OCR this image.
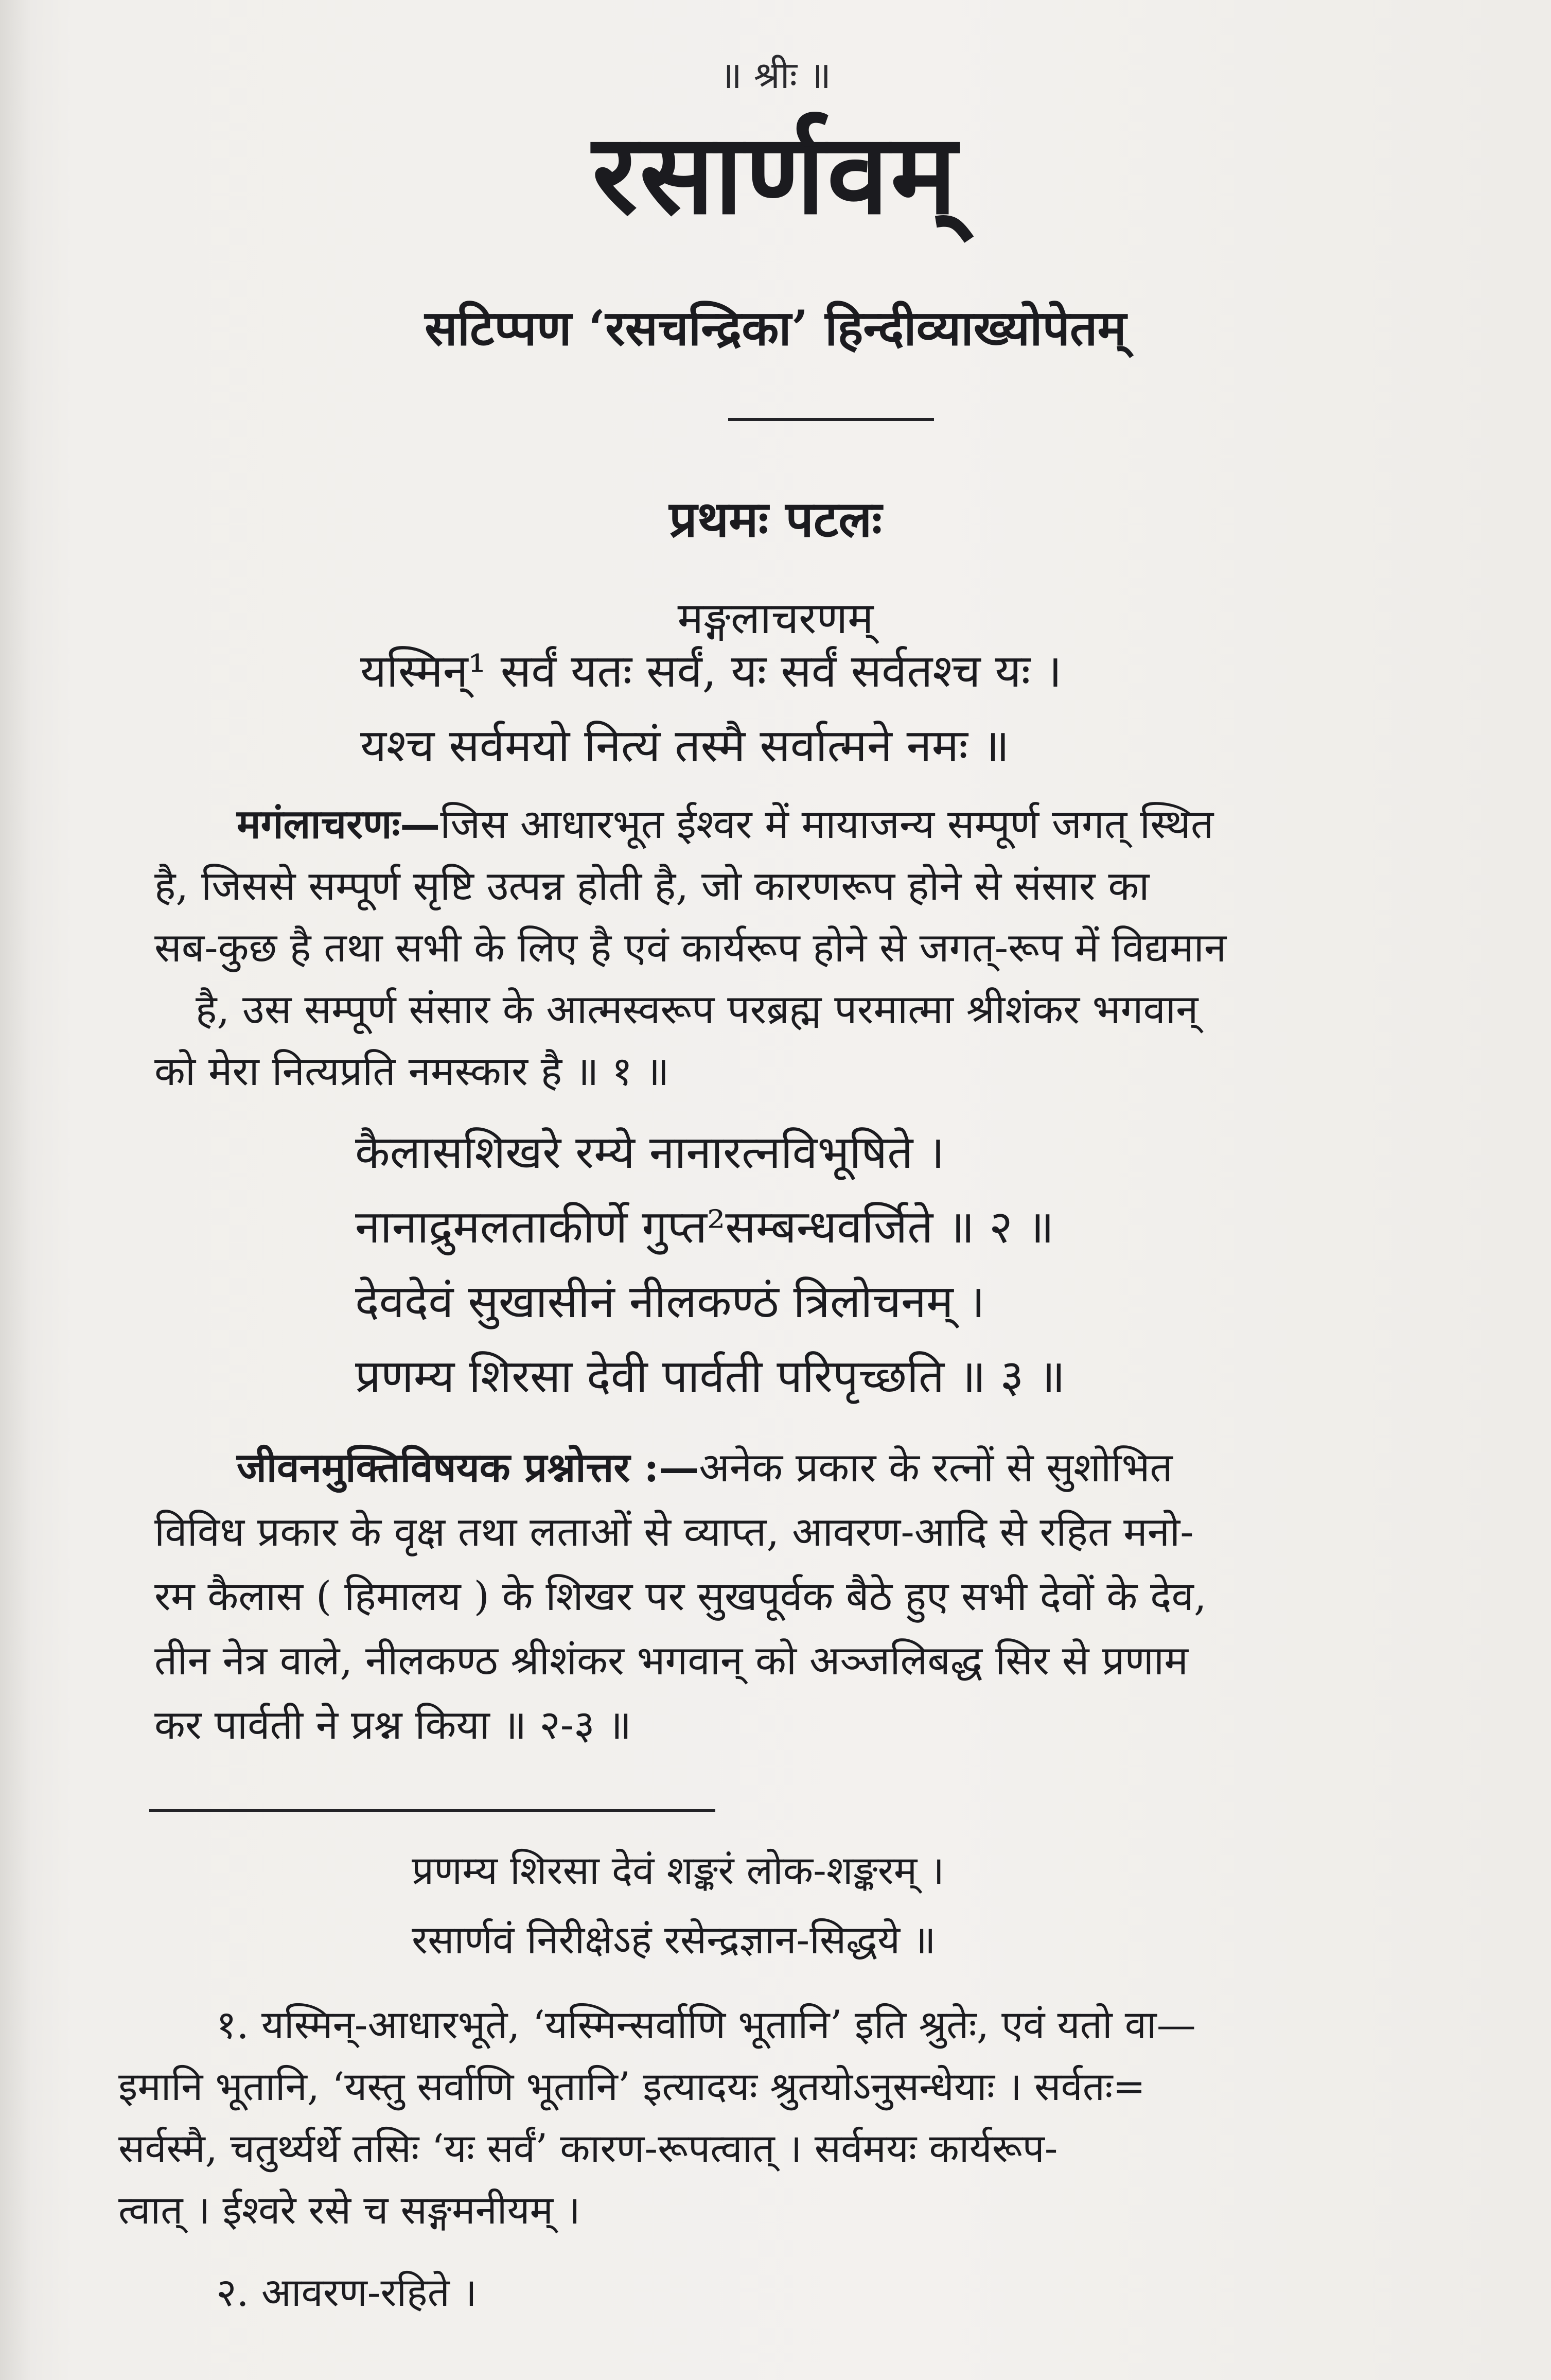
॥ श्रीः ॥
रसार्णवम्
सटिप्पण ‘रसचन्द्रिका’ हिन्दीव्याख्योपेतम्
प्रथमः पटलः
मङ्गलाचरणम्
यस्मिन्¹ सर्वं यतः सर्वं, यः सर्वं सर्वतश्च यः ।
यश्च सर्वमयो नित्यं तस्मै सर्वात्मने नमः ॥
मगंलाचरणः—जिस आधारभूत ईश्वर में मायाजन्य सम्पूर्ण जगत् स्थित
है, जिससे सम्पूर्ण सृष्टि उत्पन्न होती है, जो कारणरूप होने से संसार का
सब-कुछ है तथा सभी के लिए है एवं कार्यरूप होने से जगत्-रूप में विद्यमान
है, उस सम्पूर्ण संसार के आत्मस्वरूप परब्रह्म परमात्मा श्रीशंकर भगवान्
को मेरा नित्यप्रति नमस्कार है ॥ १ ॥
कैलासशिखरे रम्ये नानारत्नविभूषिते ।
नानाद्रुमलताकीर्णे गुप्त²सम्बन्धवर्जिते ॥ २ ॥
देवदेवं सुखासीनं नीलकण्ठं त्रिलोचनम् ।
प्रणम्य शिरसा देवी पार्वती परिपृच्छति ॥ ३ ॥
जीवनमुक्तिविषयक प्रश्नोत्तर :—अनेक प्रकार के रत्नों से सुशोभित
विविध प्रकार के वृक्ष तथा लताओं से व्याप्त, आवरण-आदि से रहित मनो-
रम कैलास ( हिमालय ) के शिखर पर सुखपूर्वक बैठे हुए सभी देवों के देव,
तीन नेत्र वाले, नीलकण्ठ श्रीशंकर भगवान् को अञ्जलिबद्ध सिर से प्रणाम
कर पार्वती ने प्रश्न किया ॥ २-३ ॥
प्रणम्य शिरसा देवं शङ्करं लोक-शङ्करम् ।
रसार्णवं निरीक्षेऽहं रसेन्द्रज्ञान-सिद्धये ॥
१. यस्मिन्-आधारभूते, ‘यस्मिन्सर्वाणि भूतानि’ इति श्रुतेः, एवं यतो वा—
इमानि भूतानि, ‘यस्तु सर्वाणि भूतानि’ इत्यादयः श्रुतयोऽनुसन्धेयाः । सर्वतः=
सर्वस्मै, चतुर्थ्यर्थे तसिः ‘यः सर्वं’ कारण-रूपत्वात् । सर्वमयः कार्यरूप-
त्वात् । ईश्वरे रसे च सङ्गमनीयम् ।
२. आवरण-रहिते ।
